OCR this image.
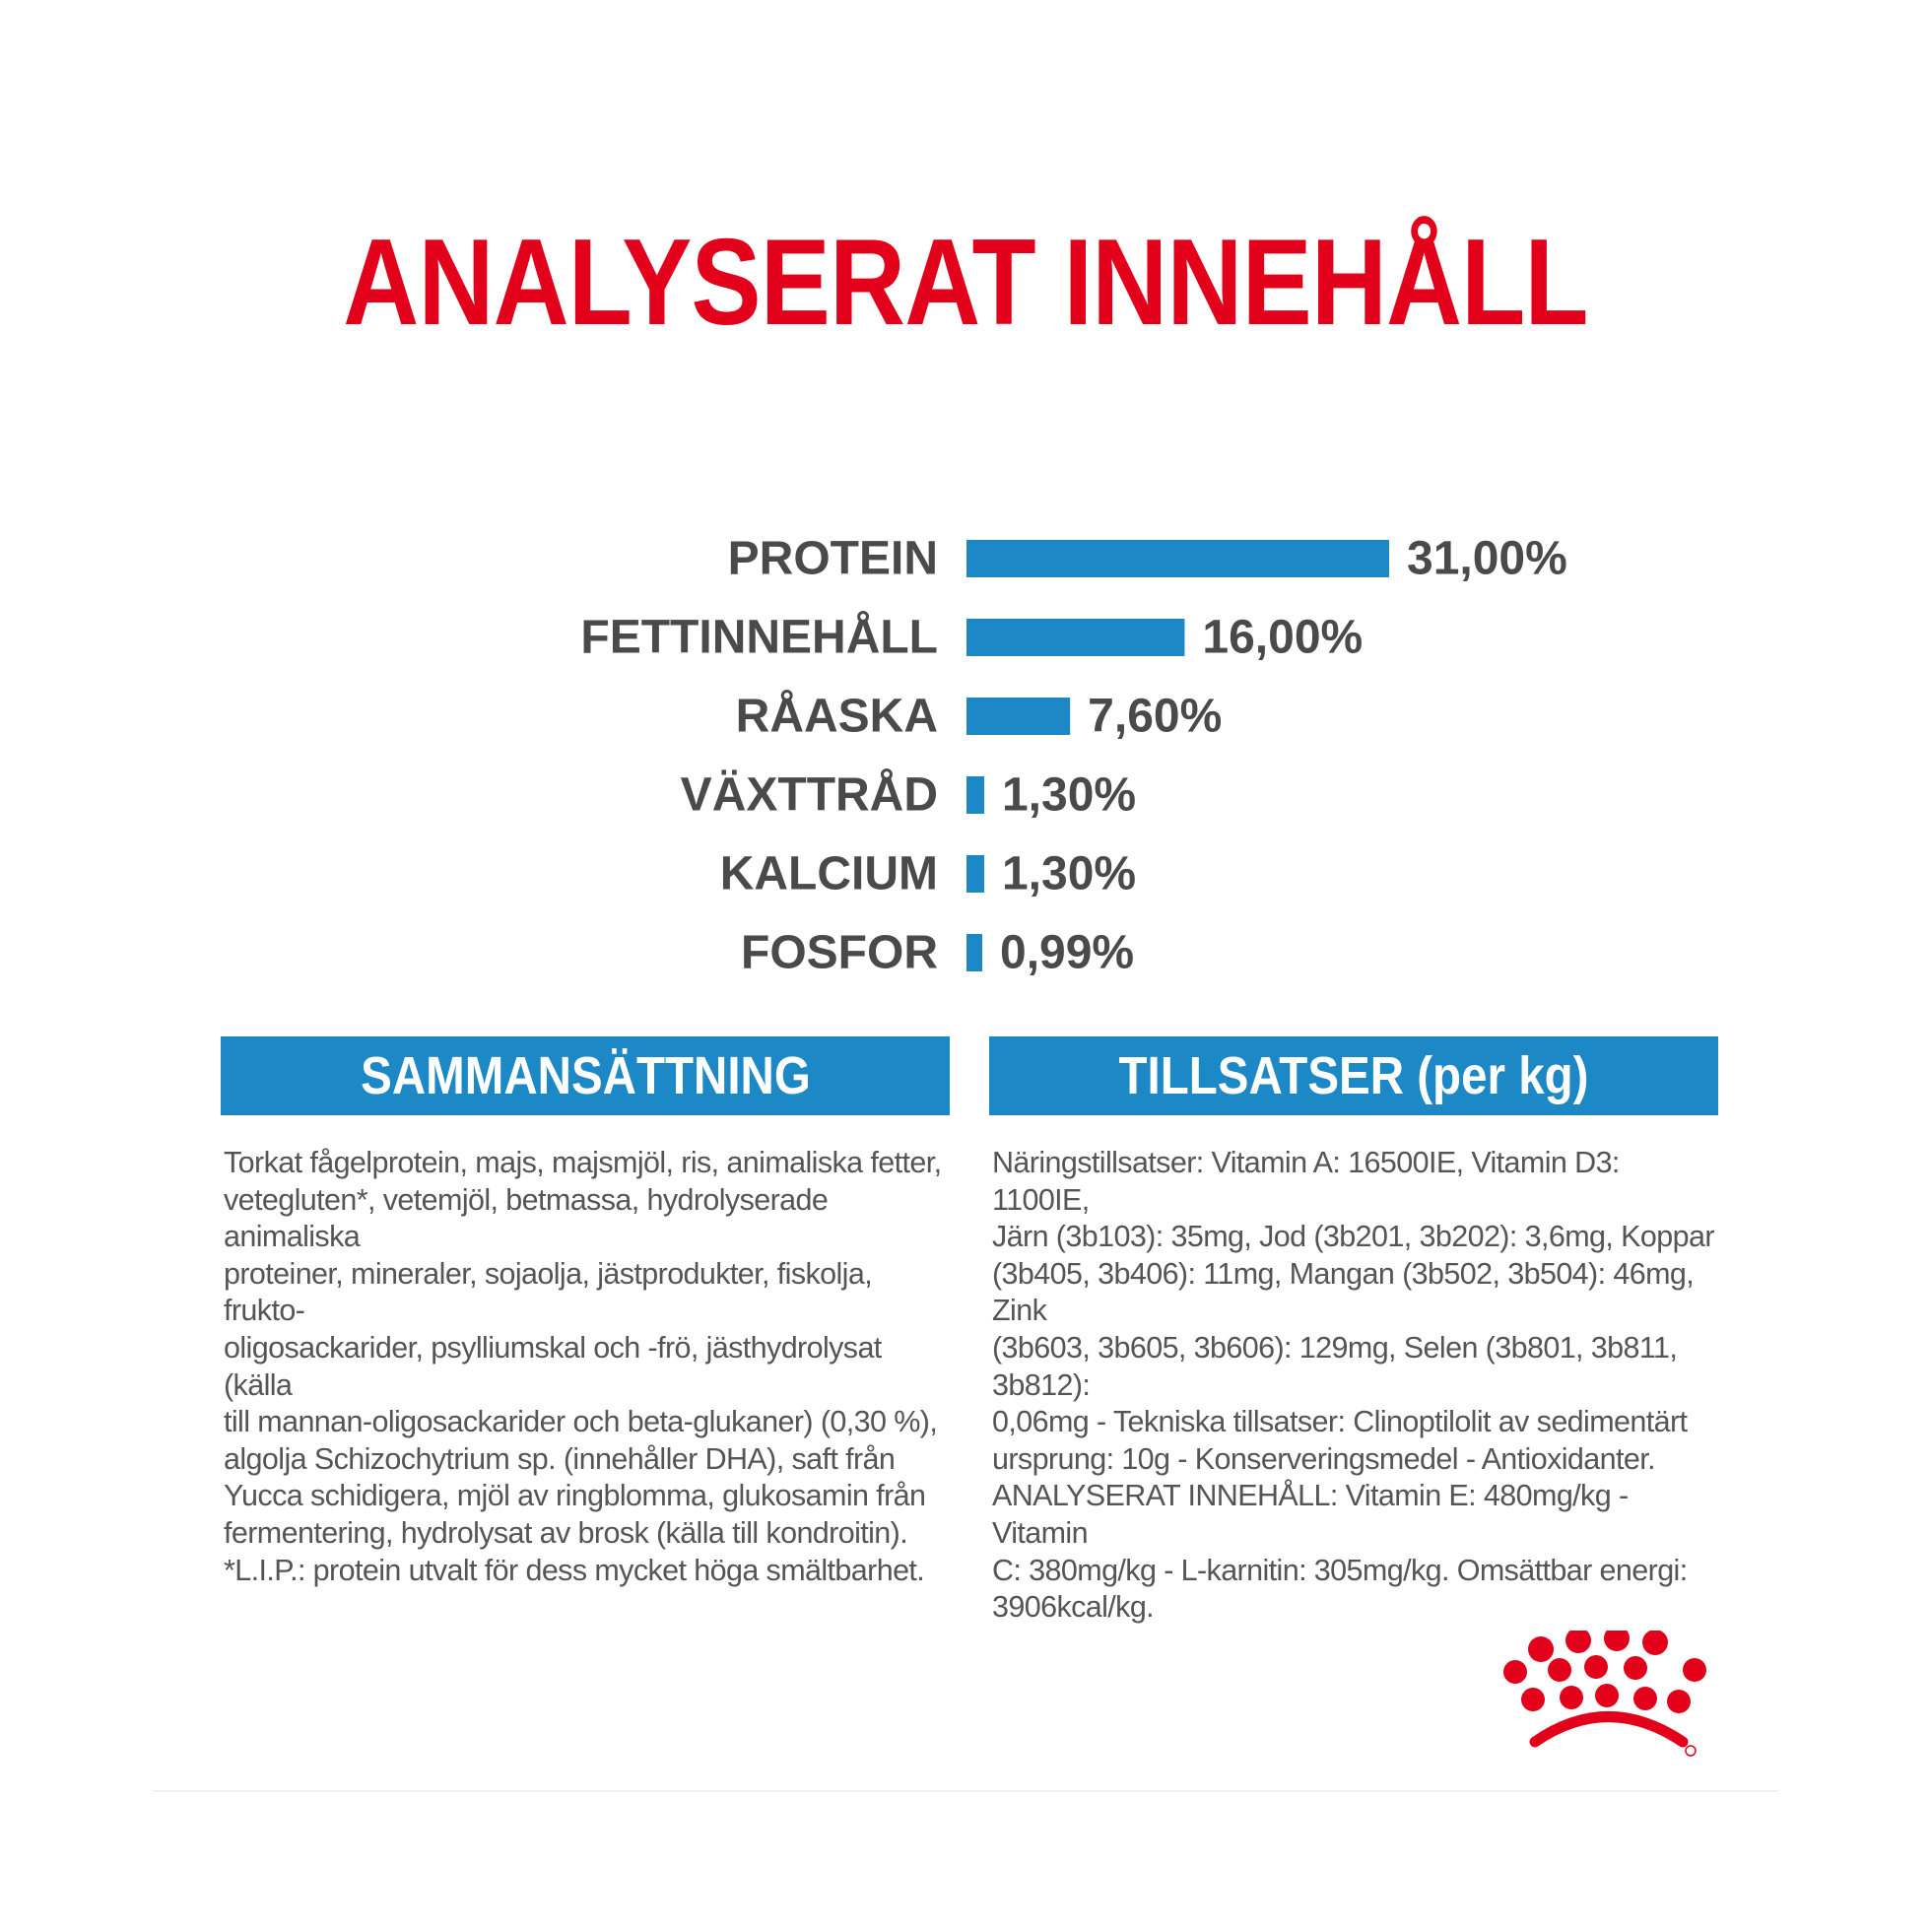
ANALYSERAT INNEHÅLL
PROTEIN	31,00%
FETTINNEHÅLL	16,00%
RÅASKA	7,60%
VÄXTTRÅD 1,30%
KALCIUM 1,30%
FOSFOR 0,99%
SAMMANSÄTTNING	TILLSATSER (per kg)
Torkat fågelprotein, majs, majsmjöl, ris, animaliska fetter,
vetegluten*, vetemjöl, betmassa, hydrolyserade animaliska
proteiner, mineraler, sojaolja, jästprodukter, fiskolja, frukto-
oligosackarider, psylliumskal och -frö, jästhydrolysat (källa
till mannan-oligosackarider och beta-glukaner) (0,30 %),
algolja Schizochytrium sp. (innehåller DHA), saft från
Yucca schidigera, mjöl av ringblomma, glukosamin från
fermentering, hydrolysat av brosk (källa till kondroitin).
*L.I.P.: protein utvalt för dess mycket höga smältbarhet.
Näringstillsatser: Vitamin A: 16500IE, Vitamin D3: 1100IE,
Järn (3b103): 35mg, Jod (3b201, 3b202): 3,6mg, Koppar
(3b405, 3b406): 11mg, Mangan (3b502, 3b504): 46mg, Zink
(3b603, 3b605, 3b606): 129mg, Selen (3b801, 3b811, 3b812):
0,06mg - Tekniska tillsatser: Clinoptilolit av sedimentärt
ursprung: 10g - Konserveringsmedel - Antioxidanter.
ANALYSERAT INNEHÅLL: Vitamin E: 480mg/kg - Vitamin
C: 380mg/kg - L-karnitin: 305mg/kg. Omsättbar energi:
3906kcal/kg.
